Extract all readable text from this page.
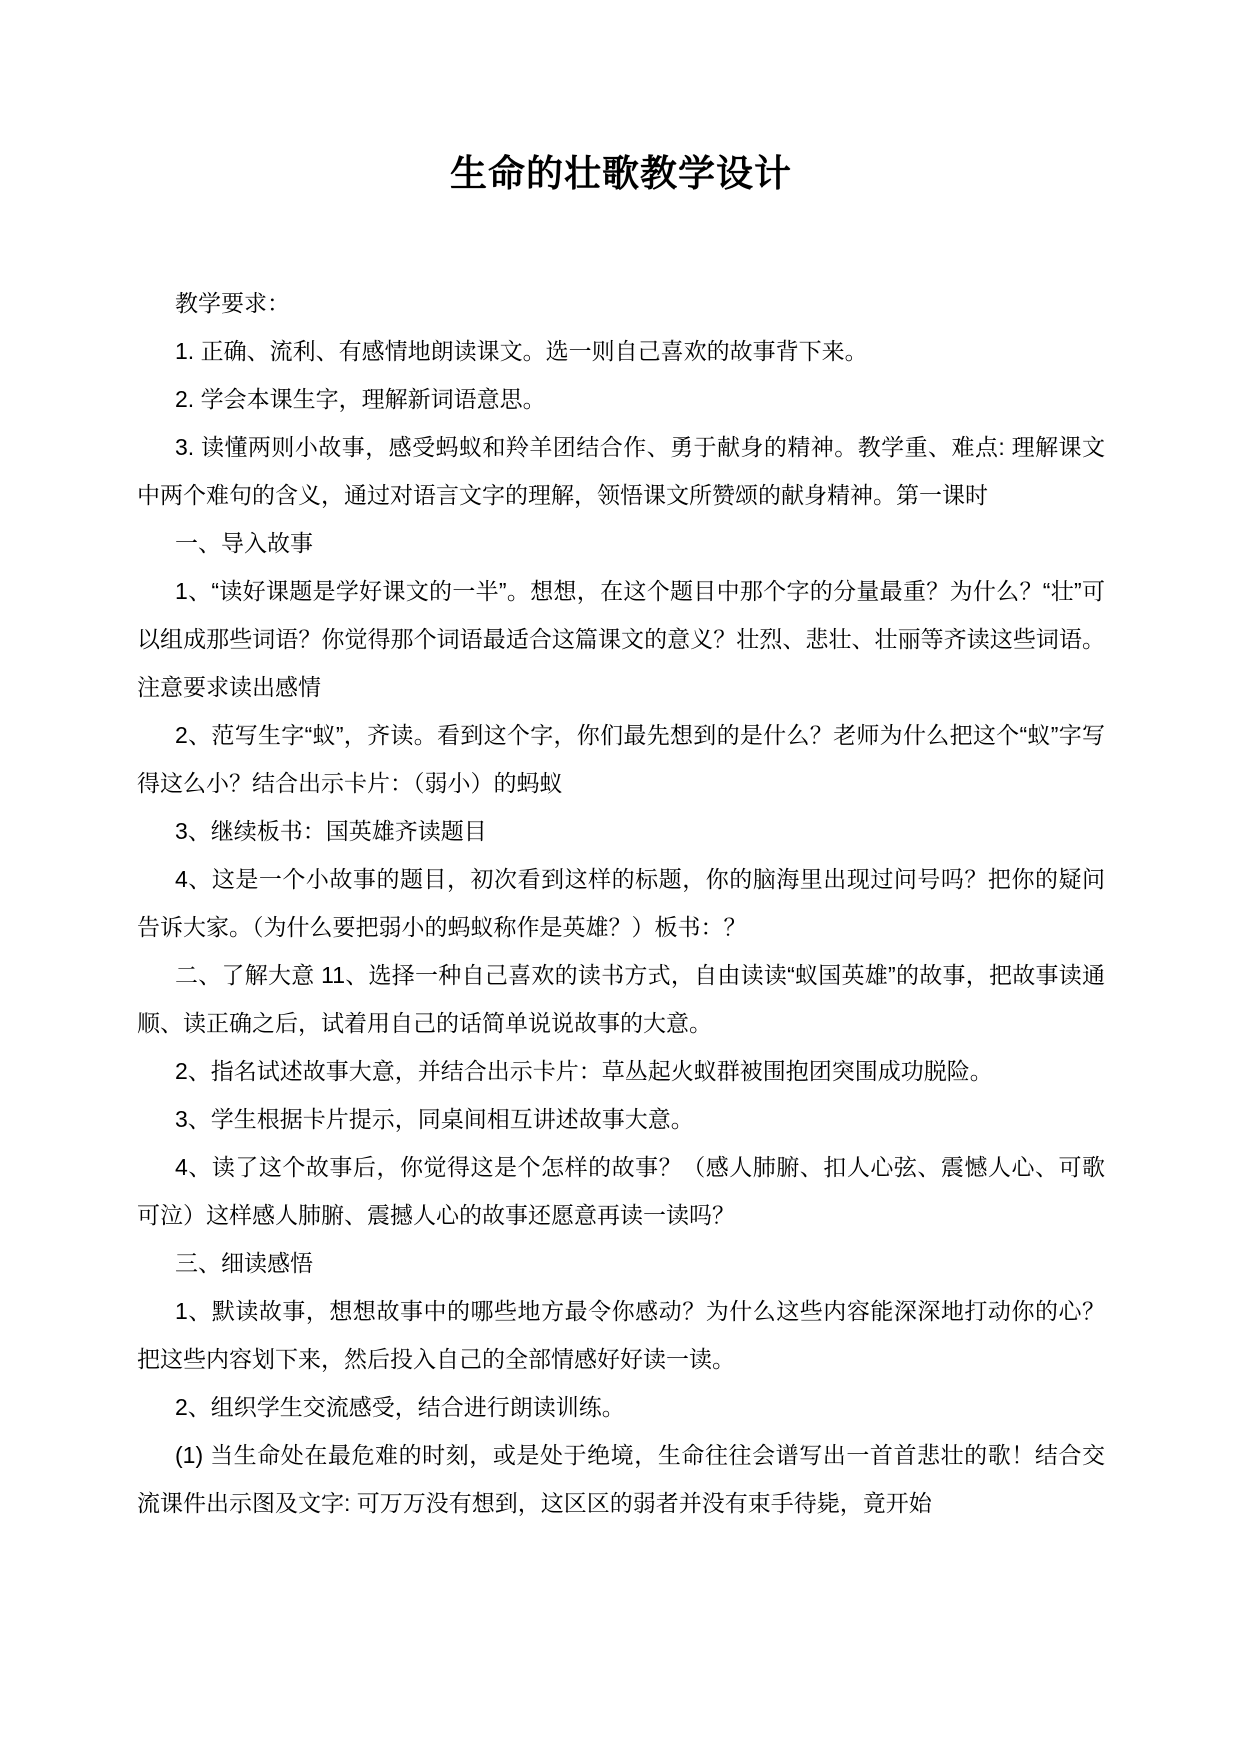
生命的壮歌教学设计

教学要求：

1. 正确、流利、有感情地朗读课文。选一则自己喜欢的故事背下来。

2. 学会本课生字，理解新词语意思。

3. 读懂两则小故事，感受蚂蚁和羚羊团结合作、勇于献身的精神。教学重、难点: 理解课文中两个难句的含义，通过对语言文字的理解，领悟课文所赞颂的献身精神。第一课时

一、导入故事

1、“读好课题是学好课文的一半”。想想，在这个题目中那个字的分量最重？为什么？“壮”可以组成那些词语？你觉得那个词语最适合这篇课文的意义？壮烈、悲壮、壮丽等齐读这些词语。注意要求读出感情

2、范写生字“蚁”，齐读。看到这个字，你们最先想到的是什么？老师为什么把这个“蚁”字写得这么小？结合出示卡片：（弱小）的蚂蚁

3、继续板书：国英雄齐读题目

4、这是一个小故事的题目，初次看到这样的标题，你的脑海里出现过问号吗？把你的疑问告诉大家。（为什么要把弱小的蚂蚁称作是英雄？）板书：？

二、了解大意 11、选择一种自己喜欢的读书方式，自由读读“蚁国英雄”的故事，把故事读通顺、读正确之后，试着用自己的话简单说说故事的大意。

2、指名试述故事大意，并结合出示卡片：草丛起火蚁群被围抱团突围成功脱险。

3、学生根据卡片提示，同桌间相互讲述故事大意。

4、读了这个故事后，你觉得这是个怎样的故事？（感人肺腑、扣人心弦、震憾人心、可歌可泣）这样感人肺腑、震撼人心的故事还愿意再读一读吗？

三、细读感悟

1、默读故事，想想故事中的哪些地方最令你感动？为什么这些内容能深深地打动你的心？把这些内容划下来，然后投入自己的全部情感好好读一读。

2、组织学生交流感受，结合进行朗读训练。

(1) 当生命处在最危难的时刻，或是处于绝境，生命往往会谱写出一首首悲壮的歌！结合交流课件出示图及文字: 可万万没有想到，这区区的弱者并没有束手待毙，竟开始
